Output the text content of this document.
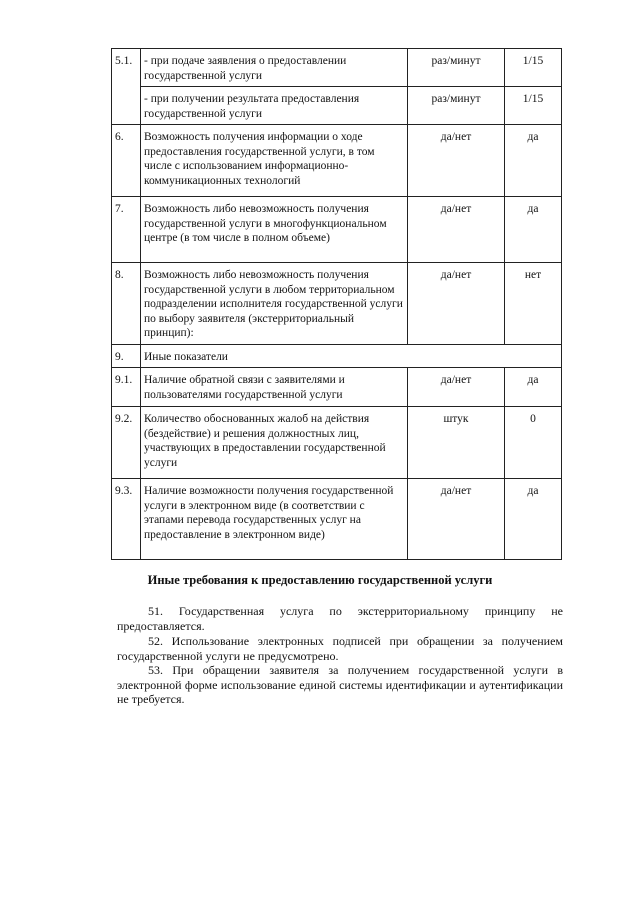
5.1.	- при подаче заявления о предоставлении государственной услуги	раз/минут	1/15
	- при получении результата предоставления государственной услуги	раз/минут	1/15
6.	Возможность получения информации о ходе предоставления государственной услуги, в том числе с использованием информационно-коммуникационных технологий	да/нет	да
7.	Возможность либо невозможность получения государственной услуги в многофункциональном центре (в том числе в полном объеме)	да/нет	да
8.	Возможность либо невозможность получения государственной услуги в любом территориальном подразделении исполнителя государственной услуги по выбору заявителя (экстерриториальный принцип):	да/нет	нет
9.	Иные показатели		
9.1.	Наличие обратной связи с заявителями и пользователями государственной услуги	да/нет	да
9.2.	Количество обоснованных жалоб на действия (бездействие) и решения должностных лиц, участвующих в предоставлении государственной услуги	штук	0
9.3.	Наличие возможности получения государственной услуги в электронном виде (в соответствии с этапами перевода государственных услуг на предоставление в электронном виде)	да/нет	да
Иные требования к предоставлению государственной услуги
51. Государственная услуга по экстерриториальному принципу не предоставляется.
52. Использование электронных подписей при обращении за получением государственной услуги не предусмотрено.
53. При обращении заявителя за получением государственной услуги в электронной форме использование единой системы идентификации и аутентификации не требуется.
